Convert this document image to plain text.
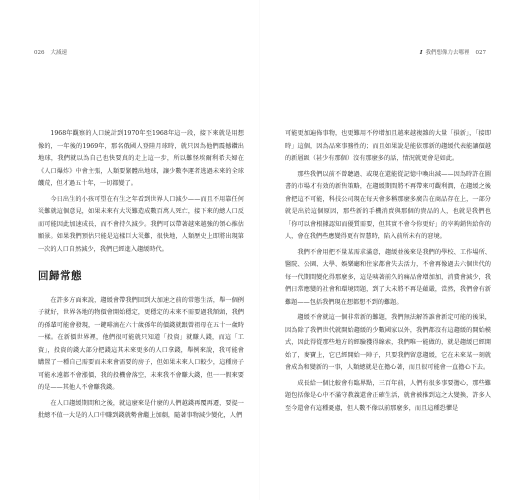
026 大減速	I 我們想像力去哪裡 027

1968年觀察的人口統計到1970年至1968年這一段，接下來就是用想像的，一年後的1969年，那名俄國人登陸月球時，就只因為他們震撼鑽出地球，我們就以為自己也快要真的走上這一步，所以難怪埃爾利希夫婦在《人口爆炸》中會主張，人類要緊體出地球，讓少數李運者逃過未來的全球饑荒，但才過五十年，一切都變了。

今日出生的小孩可望在有生之年看到世界人口減少——而且不用靠任何災難就這個意見，如果未來有大災難造成數百萬人死亡，接下來的總人口反而可能因此加速成長，而不會持久減少。我們可以帶著越來越強的領心推估願景。如果我們預估只能是這樣巨大災難，很快地，人類歷史上即將出現第一次的人口自然減少，我們已經進入趨緩時代。

回歸常態

在許多方面來說，趨緩會帶我們回到大加速之前的常態生活，舉一個例子就好，世界各地的物價會開始穩定，更穩定的未來不需要過我額頭，我們的孫輩可能會發現，一鍵啡滴在六十歲孫年的價錢就跟曾祖母在五十一歲時一樣。在新價世界裡，他們很可能就只知道「投資」就賺人錢，而這「工資」，投資的錢大部分把錢這其未來更多的人口拿錢，舉例來說，我可能會購置了一種自己需要而未來會需要的房子，但如果未來人口較少，這種房子可能永遠都不會漲價，我的投機會落空，未來我不會賺大錢，但一一假來要的是——其他人不會賺我錢。

在人口趨緩期間和之後，就這麼來是什麼的人們越錢再覆再遷，要提一批總不值一大是的人口中賺到錢就勢會繼上加劇，隨著事物減少變化，人們

可能更加遍佈事物，也更難用不停增加且越來越複雜的大量「損新」，「接即時」這個，因為品來事務性的；而且如果說是能依那新的趨緩代表能讓價越的新層級（甚少有那個）沒有那麼多的話，情況就更會是如此。

那些我們以前不曾聽過、或現在還能從記憶中喚出減——因為時許在圖書的市場才有效的新售策略，在趨緩期間將不再帶來可觀利潤，在趨緩之後會把這不可能，科技公司現在每天會多稱那麼多廣告在商品存在上，一部分就是出於這個原因，那些新的手機消賣與那個的貴品的人，也就是我們也「你可以會根據認知而優質需要，但其實不會今你更好」的宰夠銷售給你的人，會在我們些應變得更有智慧時，陷入前所未有的窘境。

我們不會用把不量某需求滿意，趨緩並後來是我們的學校、工作場所、醫院、公園、大學、娛樂廳和住家都會失去活力，不會再像過去六個世代的每一代期間變化得那麼多，這是咦著前久的痛品會增加加，消費會減少，我們日常應變的社會和環境問題，到了大未將不再是蘊嚴，當然，我們會有新難題——包括我們現在想都想不到的難題。

趨緩不會就這一個非常新的難題，我們無法解答誰會新定可能的後果，因為除了我們世代就開始趨緩的少數國家以外，我們都沒有這趨緩的開始模式，因此得從那些地方的經驗獲得線索，我們唯一能做的，就是趨緩已經開始了，麥寶上，它已經開始一陣子，只要我們留意趨緩，它在未來某一刻就會成為和變新的一事，人類總就是在擔心著，而且很可能會一直擔心下去。

成長給一個比較會有臨界點，三百年前，人們有很多事要擔心，那些難題包括像是心中不滿守教義還會正確生活，就會被推到這之大變換，許多人至今還會有這種憂慮，但人數不像以前那麼多，而且這種恐懼是
